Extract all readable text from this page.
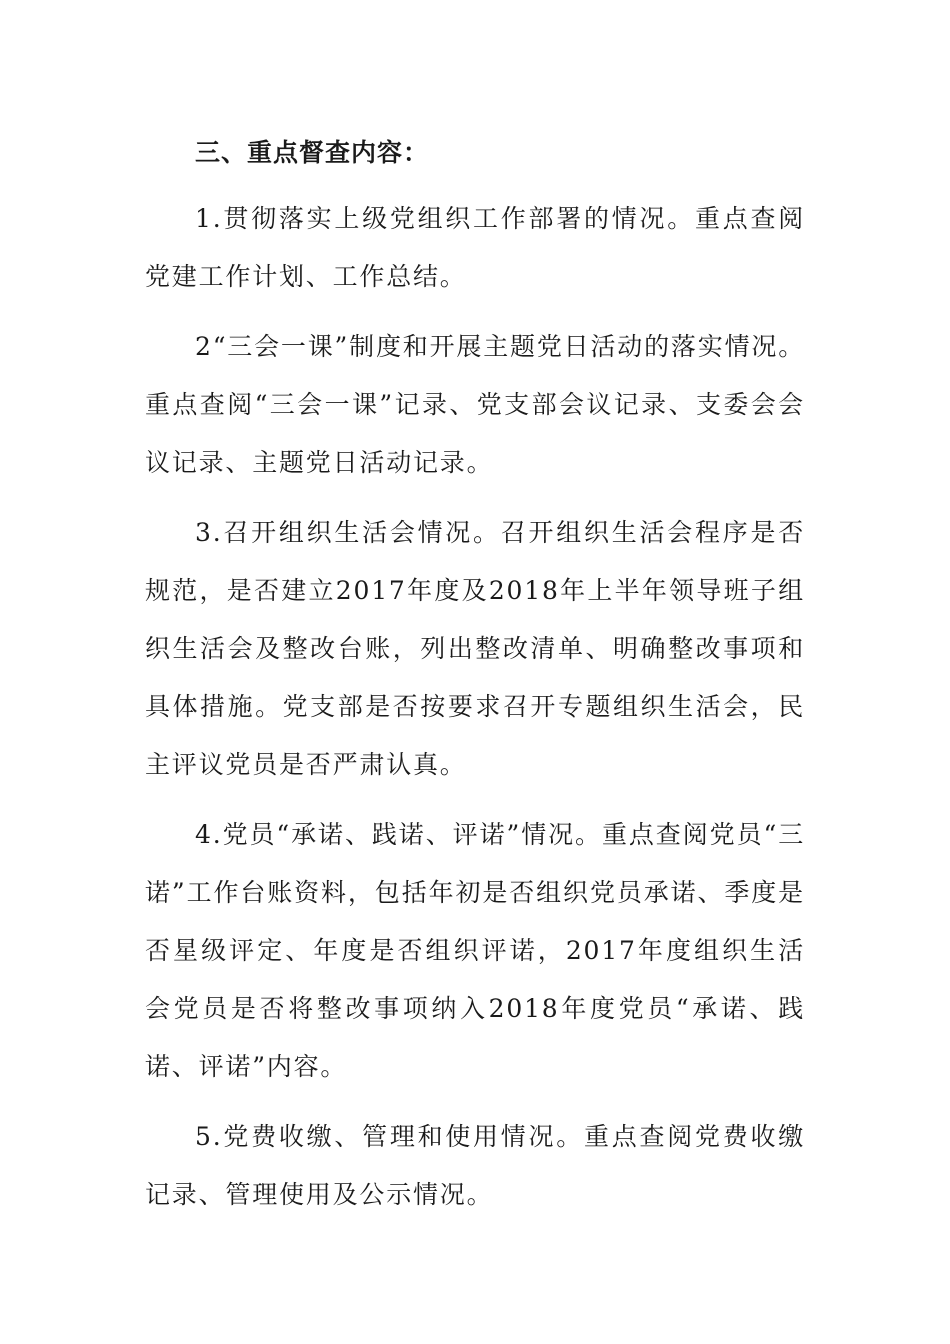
三、重点督查内容：

1.贯彻落实上级党组织工作部署的情况。重点查阅党建工作计划、工作总结。

2“三会一课”制度和开展主题党日活动的落实情况。重点查阅“三会一课”记录、党支部会议记录、支委会会议记录、主题党日活动记录。

3.召开组织生活会情况。召开组织生活会程序是否规范，是否建立2017年度及2018年上半年领导班子组织生活会及整改台账，列出整改清单、明确整改事项和具体措施。党支部是否按要求召开专题组织生活会，民主评议党员是否严肃认真。

4.党员“承诺、践诺、评诺”情况。重点查阅党员“三诺”工作台账资料，包括年初是否组织党员承诺、季度是否星级评定、年度是否组织评诺，2017年度组织生活会党员是否将整改事项纳入2018年度党员“承诺、践诺、评诺”内容。

5.党费收缴、管理和使用情况。重点查阅党费收缴记录、管理使用及公示情况。
